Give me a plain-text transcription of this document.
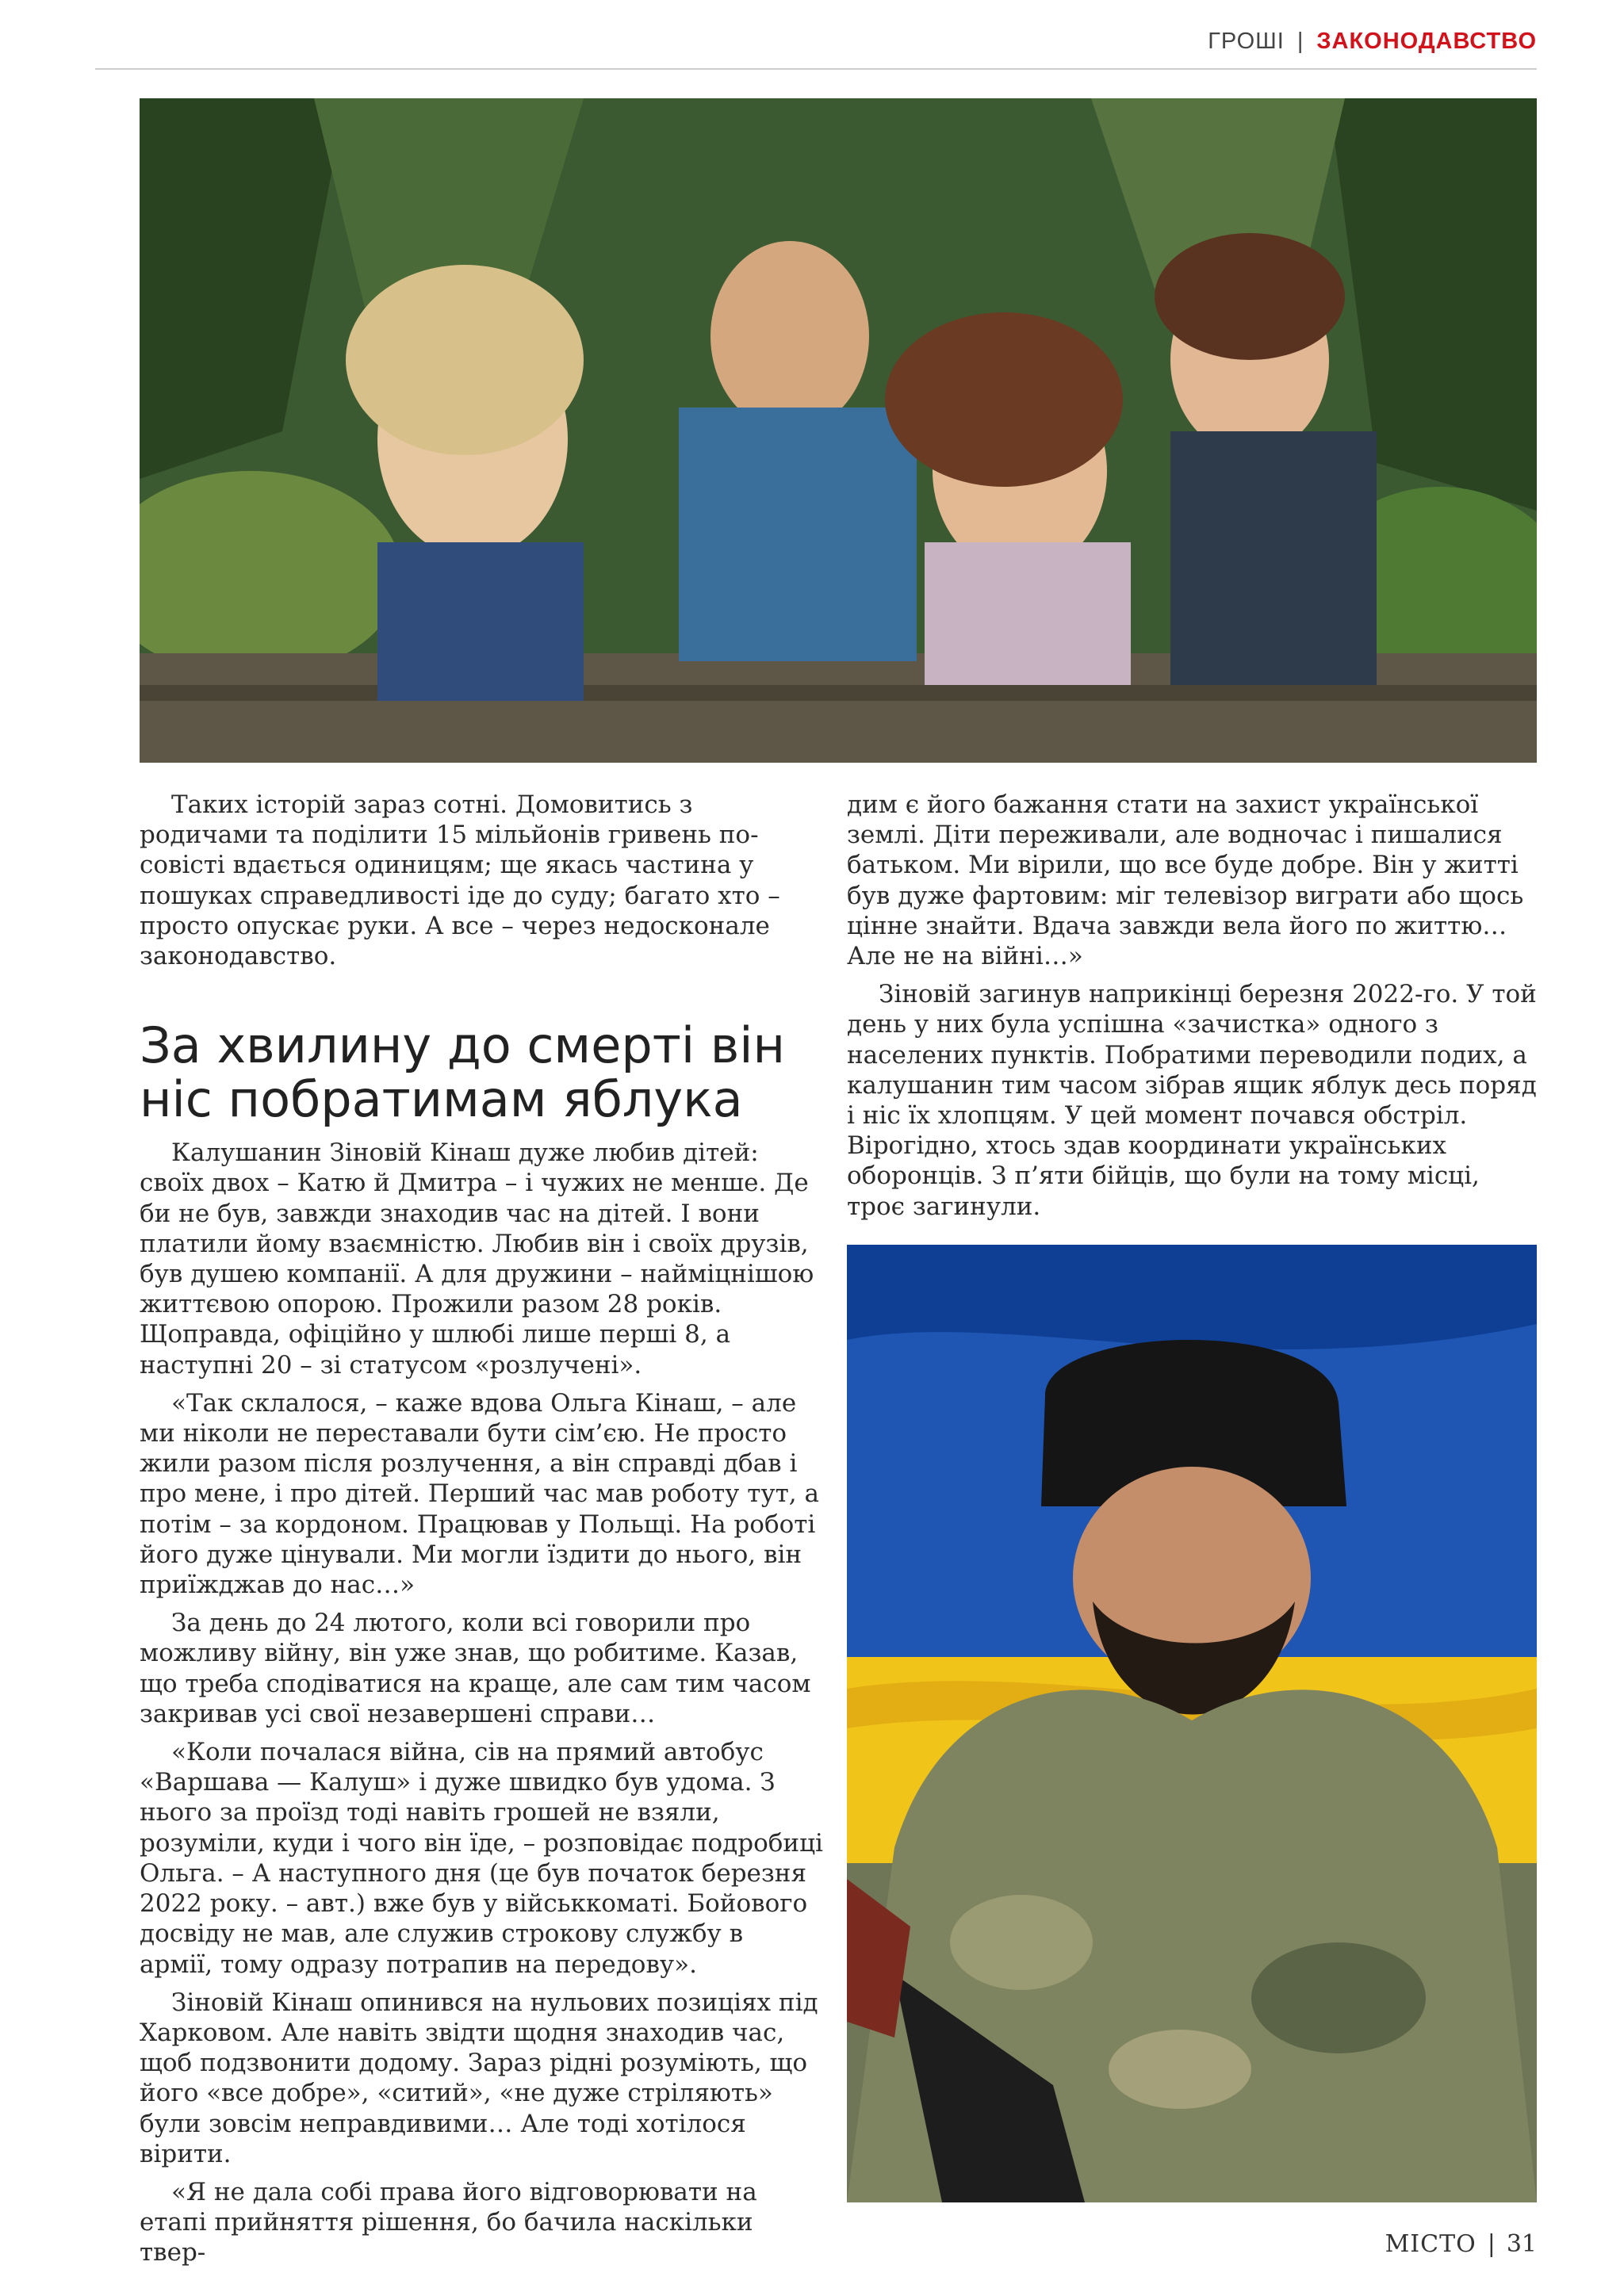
ГРОШІ | ЗАКОНОДАВСТВО

Таких історій зараз сотні. Домовитись з родичами та поділити 15 мільйонів гривень по-совісті вдається одиницям; ще якась частина у пошуках справедливості іде до суду; багато хто – просто опускає руки. А все – через недосконале законодавство.

За хвилину до смерті він ніс побратимам яблука

Калушанин Зіновій Кінаш дуже любив дітей: своїх двох – Катю й Дмитра – і чужих не менше. Де би не був, завжди знаходив час на дітей. І вони платили йому взаємністю. Любив він і своїх друзів, був душею компанії. А для дружини – найміцнішою життєвою опорою. Прожили разом 28 років. Щоправда, офіційно у шлюбі лише перші 8, а наступні 20 – зі статусом «розлучені».

«Так склалося, – каже вдова Ольга Кінаш, – але ми ніколи не переставали бути сім’єю. Не просто жили разом після розлучення, а він справді дбав і про мене, і про дітей. Перший час мав роботу тут, а потім – за кордоном. Працював у Польщі. На роботі його дуже цінували. Ми могли їздити до нього, він приїжджав до нас…»

За день до 24 лютого, коли всі говорили про можливу війну, він уже знав, що робитиме. Казав, що треба сподіватися на краще, але сам тим часом закривав усі свої незавершені справи…

«Коли почалася війна, сів на прямий автобус «Варшава — Калуш» і дуже швидко був удома. З нього за проїзд тоді навіть грошей не взяли, розуміли, куди і чого він їде, – розповідає подробиці Ольга. – А наступного дня (це був початок березня 2022 року. – авт.) вже був у військкоматі. Бойового досвіду не мав, але служив строкову службу в армії, тому одразу потрапив на передову».

Зіновій Кінаш опинився на нульових позиціях під Харковом. Але навіть звідти щодня знаходив час, щоб подзвонити додому. Зараз рідні розуміють, що його «все добре», «ситий», «не дуже стріляють» були зовсім неправдивими… Але тоді хотілося вірити.

«Я не дала собі права його відговорювати на етапі прийняття рішення, бо бачила наскільки твер-

дим є його бажання стати на захист української землі. Діти переживали, але водночас і пишалися батьком. Ми вірили, що все буде добре. Він у житті був дуже фартовим: міг телевізор виграти або щось цінне знайти. Вдача завжди вела його по життю… Але не на війні…»

Зіновій загинув наприкінці березня 2022-го. У той день у них була успішна «зачистка» одного з населених пунктів. Побратими переводили подих, а калушанин тим часом зібрав ящик яблук десь поряд і ніс їх хлопцям. У цей момент почався обстріл. Вірогідно, хтось здав координати українських оборонців. З п’яти бійців, що були на тому місці, троє загинули.

МІСТО | 31
